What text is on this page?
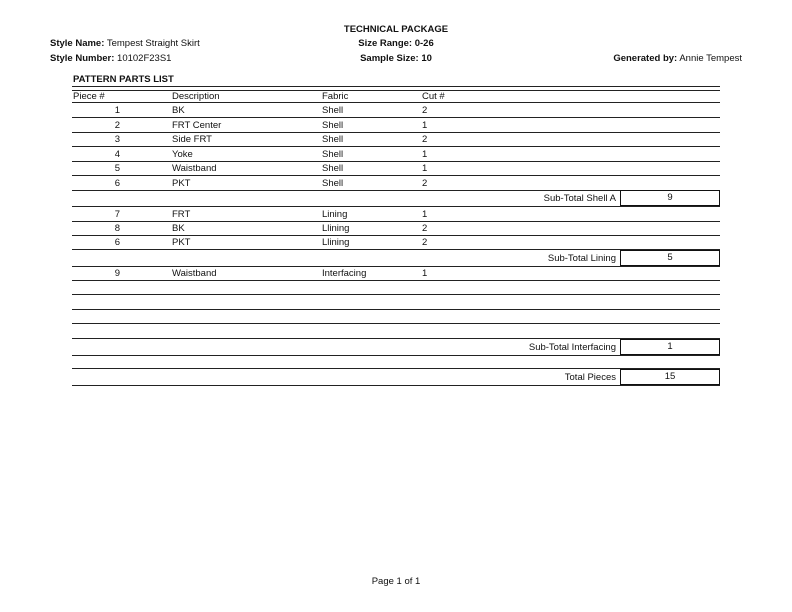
TECHNICAL PACKAGE
Style Name: Tempest Straight Skirt
Style Number: 10102F23S1
Size Range: 0-26
Sample Size: 10	Generated by: Annie Tempest
PATTERN PARTS LIST
Piece #	Description	Fabric	Cut #
1	BK	Shell	2
2	FRT Center	Shell	1
3	Side FRT	Shell	2
4	Yoke	Shell	1
5	Waistband	Shell	1
6	PKT	Shell	2
Sub-Total Shell A	9
7	FRT	Lining	1
8	BK	Llining	2
6	PKT	Llining	2
Sub-Total Lining	5
9	Waistband	Interfacing	1
Sub-Total Interfacing	1
Total Pieces	15
Page 1 of 1
